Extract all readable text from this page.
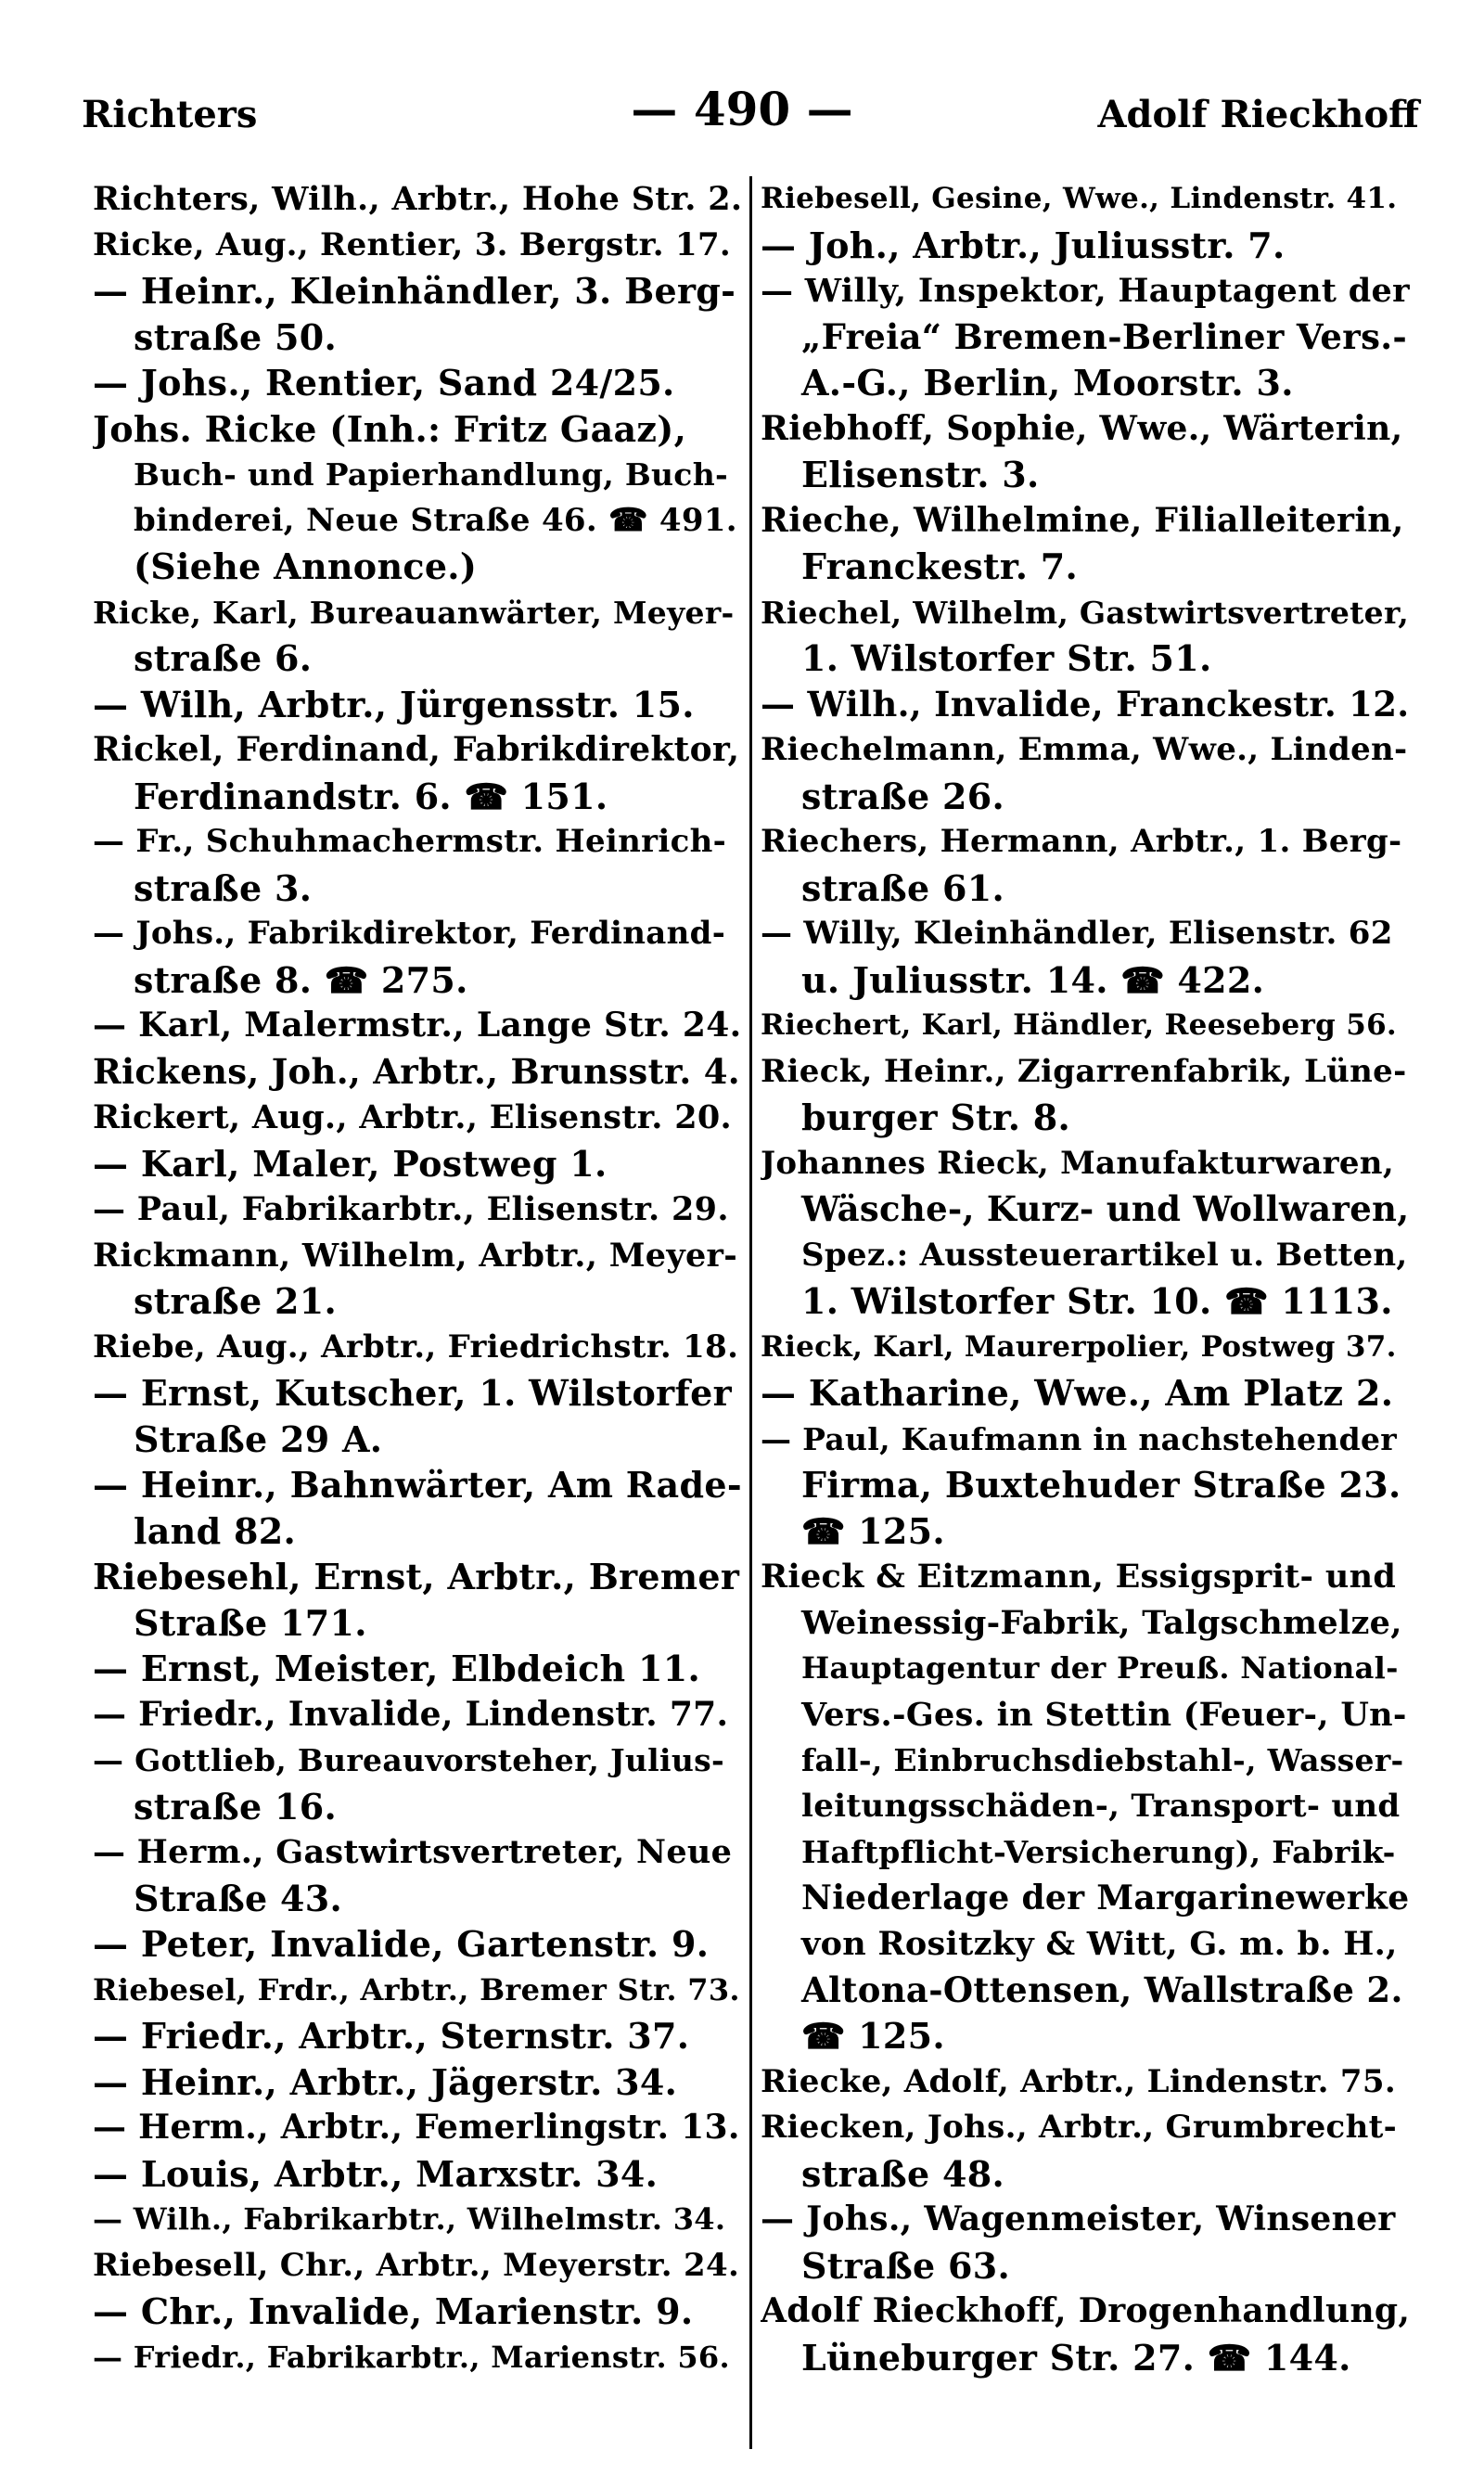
Richters	— 490 —	Adolf Rieckhoff
Richters, Wilh., Arbtr., Hohe Str. 2.
Ricke, Aug., Rentier, 3. Bergstr. 17.
— Heinr., Kleinhändler, 3. Berg-
straße 50.
— Johs., Rentier, Sand 24/25.
Johs. Ricke (Inh.: Fritz Gaaz),
Buch- und Papierhandlung, Buch-
binderei, Neue Straße 46. ☎ 491.
(Siehe Annonce.)
Ricke, Karl, Bureauanwärter, Meyer-
straße 6.
— Wilh, Arbtr., Jürgensstr. 15.
Rickel, Ferdinand, Fabrikdirektor,
Ferdinandstr. 6. ☎ 151.
— Fr., Schuhmachermstr. Heinrich-
straße 3.
— Johs., Fabrikdirektor, Ferdinand-
straße 8. ☎ 275.
— Karl, Malermstr., Lange Str. 24.
Rickens, Joh., Arbtr., Brunsstr. 4.
Rickert, Aug., Arbtr., Elisenstr. 20.
— Karl, Maler, Postweg 1.
— Paul, Fabrikarbtr., Elisenstr. 29.
Rickmann, Wilhelm, Arbtr., Meyer-
straße 21.
Riebe, Aug., Arbtr., Friedrichstr. 18.
— Ernst, Kutscher, 1. Wilstorfer
Straße 29 A.
— Heinr., Bahnwärter, Am Rade-
land 82.
Riebesehl, Ernst, Arbtr., Bremer
Straße 171.
— Ernst, Meister, Elbdeich 11.
— Friedr., Invalide, Lindenstr. 77.
— Gottlieb, Bureauvorsteher, Julius-
straße 16.
— Herm., Gastwirtsvertreter, Neue
Straße 43.
— Peter, Invalide, Gartenstr. 9.
Riebesel, Frdr., Arbtr., Bremer Str. 73.
— Friedr., Arbtr., Sternstr. 37.
— Heinr., Arbtr., Jägerstr. 34.
— Herm., Arbtr., Femerlingstr. 13.
— Louis, Arbtr., Marxstr. 34.
— Wilh., Fabrikarbtr., Wilhelmstr. 34.
Riebesell, Chr., Arbtr., Meyerstr. 24.
— Chr., Invalide, Marienstr. 9.
— Friedr., Fabrikarbtr., Marienstr. 56.
Riebesell, Gesine, Wwe., Lindenstr. 41.
— Joh., Arbtr., Juliusstr. 7.
— Willy, Inspektor, Hauptagent der
„Freia“ Bremen-Berliner Vers.-
A.-G., Berlin, Moorstr. 3.
Riebhoff, Sophie, Wwe., Wärterin,
Elisenstr. 3.
Rieche, Wilhelmine, Filialleiterin,
Franckestr. 7.
Riechel, Wilhelm, Gastwirtsvertreter,
1. Wilstorfer Str. 51.
— Wilh., Invalide, Franckestr. 12.
Riechelmann, Emma, Wwe., Linden-
straße 26.
Riechers, Hermann, Arbtr., 1. Berg-
straße 61.
— Willy, Kleinhändler, Elisenstr. 62
u. Juliusstr. 14. ☎ 422.
Riechert, Karl, Händler, Reeseberg 56.
Rieck, Heinr., Zigarrenfabrik, Lüne-
burger Str. 8.
Johannes Rieck, Manufakturwaren,
Wäsche-, Kurz- und Wollwaren,
Spez.: Aussteuerartikel u. Betten,
1. Wilstorfer Str. 10. ☎ 1113.
Rieck, Karl, Maurerpolier, Postweg 37.
— Katharine, Wwe., Am Platz 2.
— Paul, Kaufmann in nachstehender
Firma, Buxtehuder Straße 23.
☎ 125.
Rieck & Eitzmann, Essigsprit- und
Weinessig-Fabrik, Talgschmelze,
Hauptagentur der Preuß. National-
Vers.-Ges. in Stettin (Feuer-, Un-
fall-, Einbruchsdiebstahl-, Wasser-
leitungsschäden-, Transport- und
Haftpflicht-Versicherung), Fabrik-
Niederlage der Margarinewerke
von Rositzky & Witt, G. m. b. H.,
Altona-Ottensen, Wallstraße 2.
☎ 125.
Riecke, Adolf, Arbtr., Lindenstr. 75.
Riecken, Johs., Arbtr., Grumbrecht-
straße 48.
— Johs., Wagenmeister, Winsener
Straße 63.
Adolf Rieckhoff, Drogenhandlung,
Lüneburger Str. 27. ☎ 144.
